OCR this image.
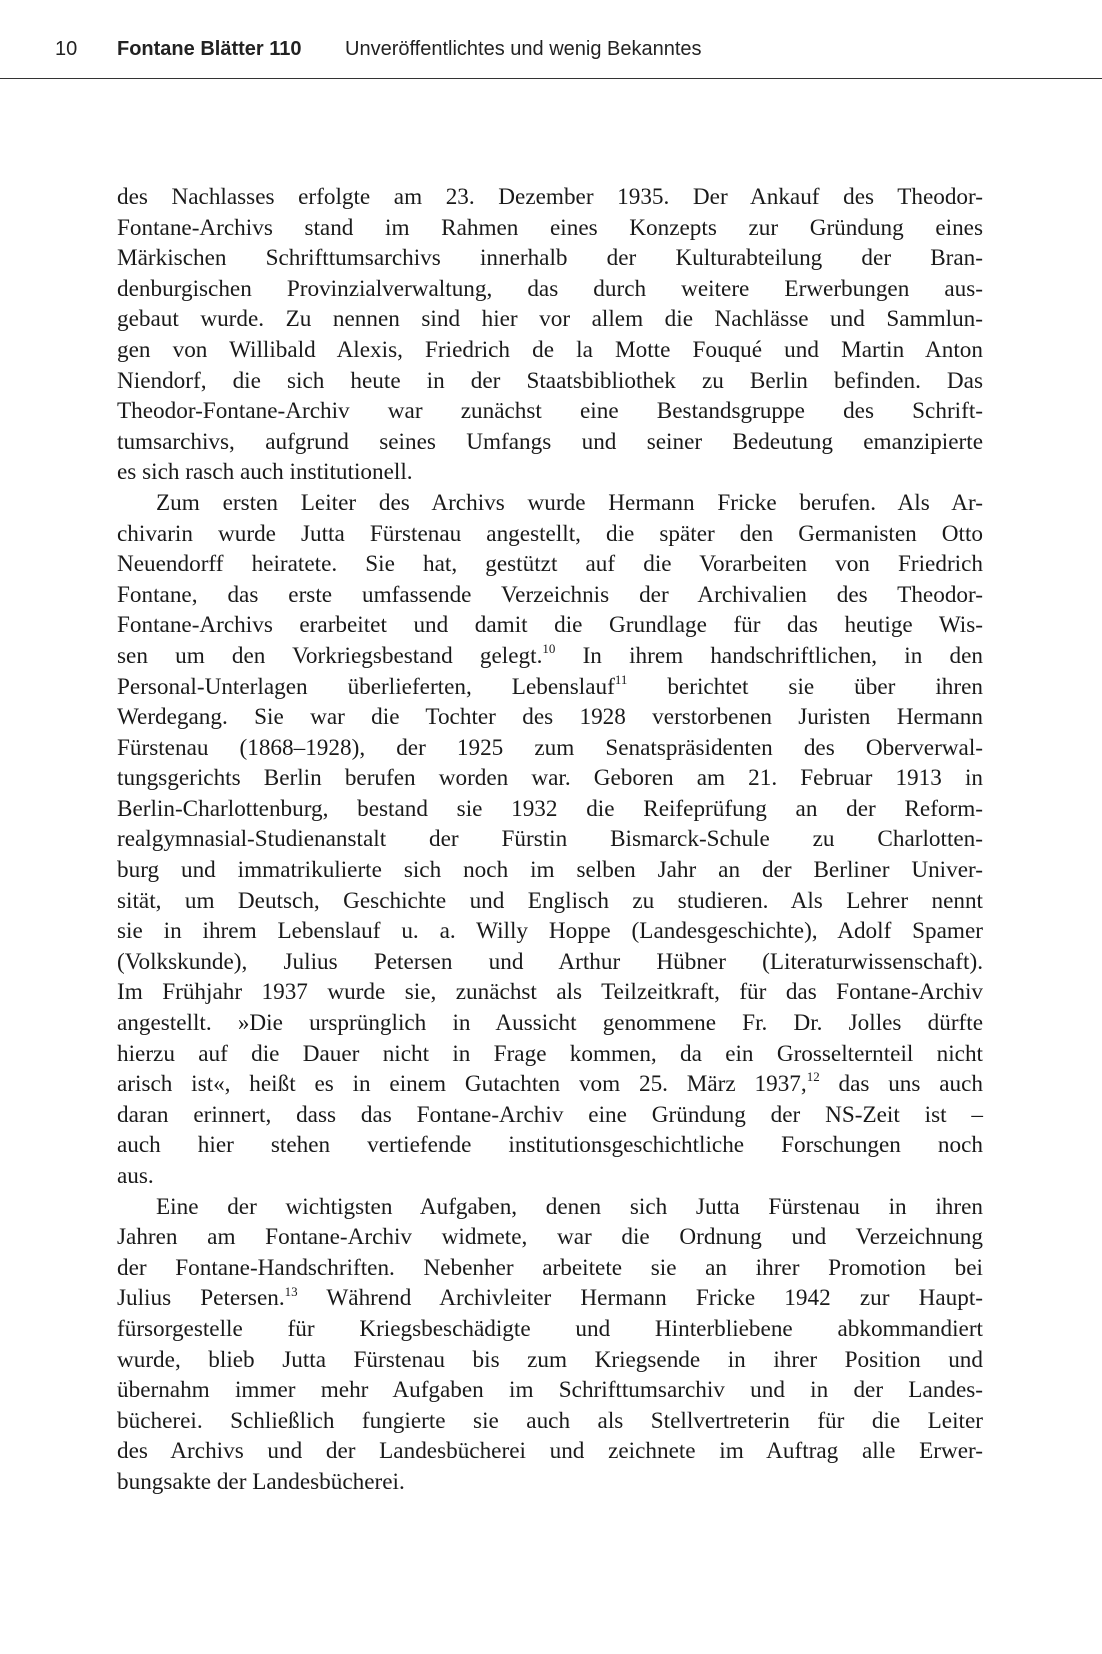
10 Fontane Blätter 110 Unveröffentlichtes und wenig Bekanntes
des Nachlasses erfolgte am 23. Dezember 1935. Der Ankauf des Theodor-
Fontane-Archivs stand im Rahmen eines Konzepts zur Gründung eines
Märkischen Schrifttumsarchivs innerhalb der Kulturabteilung der Bran-
denburgischen Provinzialverwaltung, das durch weitere Erwerbungen aus-
gebaut wurde. Zu nennen sind hier vor allem die Nachlässe und Sammlun-
gen von Willibald Alexis, Friedrich de la Motte Fouqué und Martin Anton
Niendorf, die sich heute in der Staatsbibliothek zu Berlin befinden. Das
Theodor-Fontane-Archiv war zunächst eine Bestandsgruppe des Schrift-
tumsarchivs, aufgrund seines Umfangs und seiner Bedeutung emanzipierte
es sich rasch auch institutionell.
Zum ersten Leiter des Archivs wurde Hermann Fricke berufen. Als Ar-
chivarin wurde Jutta Fürstenau angestellt, die später den Germanisten Otto
Neuendorff heiratete. Sie hat, gestützt auf die Vorarbeiten von Friedrich
Fontane, das erste umfassende Verzeichnis der Archivalien des Theodor-
Fontane-Archivs erarbeitet und damit die Grundlage für das heutige Wis-
sen um den Vorkriegsbestand gelegt.$^{10}$ In ihrem handschriftlichen, in den
Personal-Unterlagen überlieferten, Lebenslauf$^{11}$ berichtet sie über ihren
Werdegang. Sie war die Tochter des 1928 verstorbenen Juristen Hermann
Fürstenau (1868–1928), der 1925 zum Senatspräsidenten des Oberverwal-
tungsgerichts Berlin berufen worden war. Geboren am 21. Februar 1913 in
Berlin-Charlottenburg, bestand sie 1932 die Reifeprüfung an der Reform-
realgymnasial-Studienanstalt der Fürstin Bismarck-Schule zu Charlotten-
burg und immatrikulierte sich noch im selben Jahr an der Berliner Univer-
sität, um Deutsch, Geschichte und Englisch zu studieren. Als Lehrer nennt
sie in ihrem Lebenslauf u. a. Willy Hoppe (Landesgeschichte), Adolf Spamer
(Volkskunde), Julius Petersen und Arthur Hübner (Literaturwissenschaft).
Im Frühjahr 1937 wurde sie, zunächst als Teilzeitkraft, für das Fontane-Archiv
angestellt. »Die ursprünglich in Aussicht genommene Fr. Dr. Jolles dürfte
hierzu auf die Dauer nicht in Frage kommen, da ein Grosselternteil nicht
arisch ist«, heißt es in einem Gutachten vom 25. März 1937,12 das uns auch
daran erinnert, dass das Fontane-Archiv eine Gründung der NS-Zeit ist –
auch hier stehen vertiefende institutionsgeschichtliche Forschungen noch
aus.
Eine der wichtigsten Aufgaben, denen sich Jutta Fürstenau in ihren
Jahren am Fontane-Archiv widmete, war die Ordnung und Verzeichnung
der Fontane-Handschriften. Nebenher arbeitete sie an ihrer Promotion bei
Julius Petersen.$^{13}$ Während Archivleiter Hermann Fricke 1942 zur Haupt-
fürsorgestelle für Kriegsbeschädigte und Hinterbliebene abkommandiert
wurde, blieb Jutta Fürstenau bis zum Kriegsende in ihrer Position und
übernahm immer mehr Aufgaben im Schrifttumsarchiv und in der Landes-
bücherei. Schließlich fungierte sie auch als Stellvertreterin für die Leiter
des Archivs und der Landesbücherei und zeichnete im Auftrag alle Erwer-
bungsakte der Landesbücherei.
